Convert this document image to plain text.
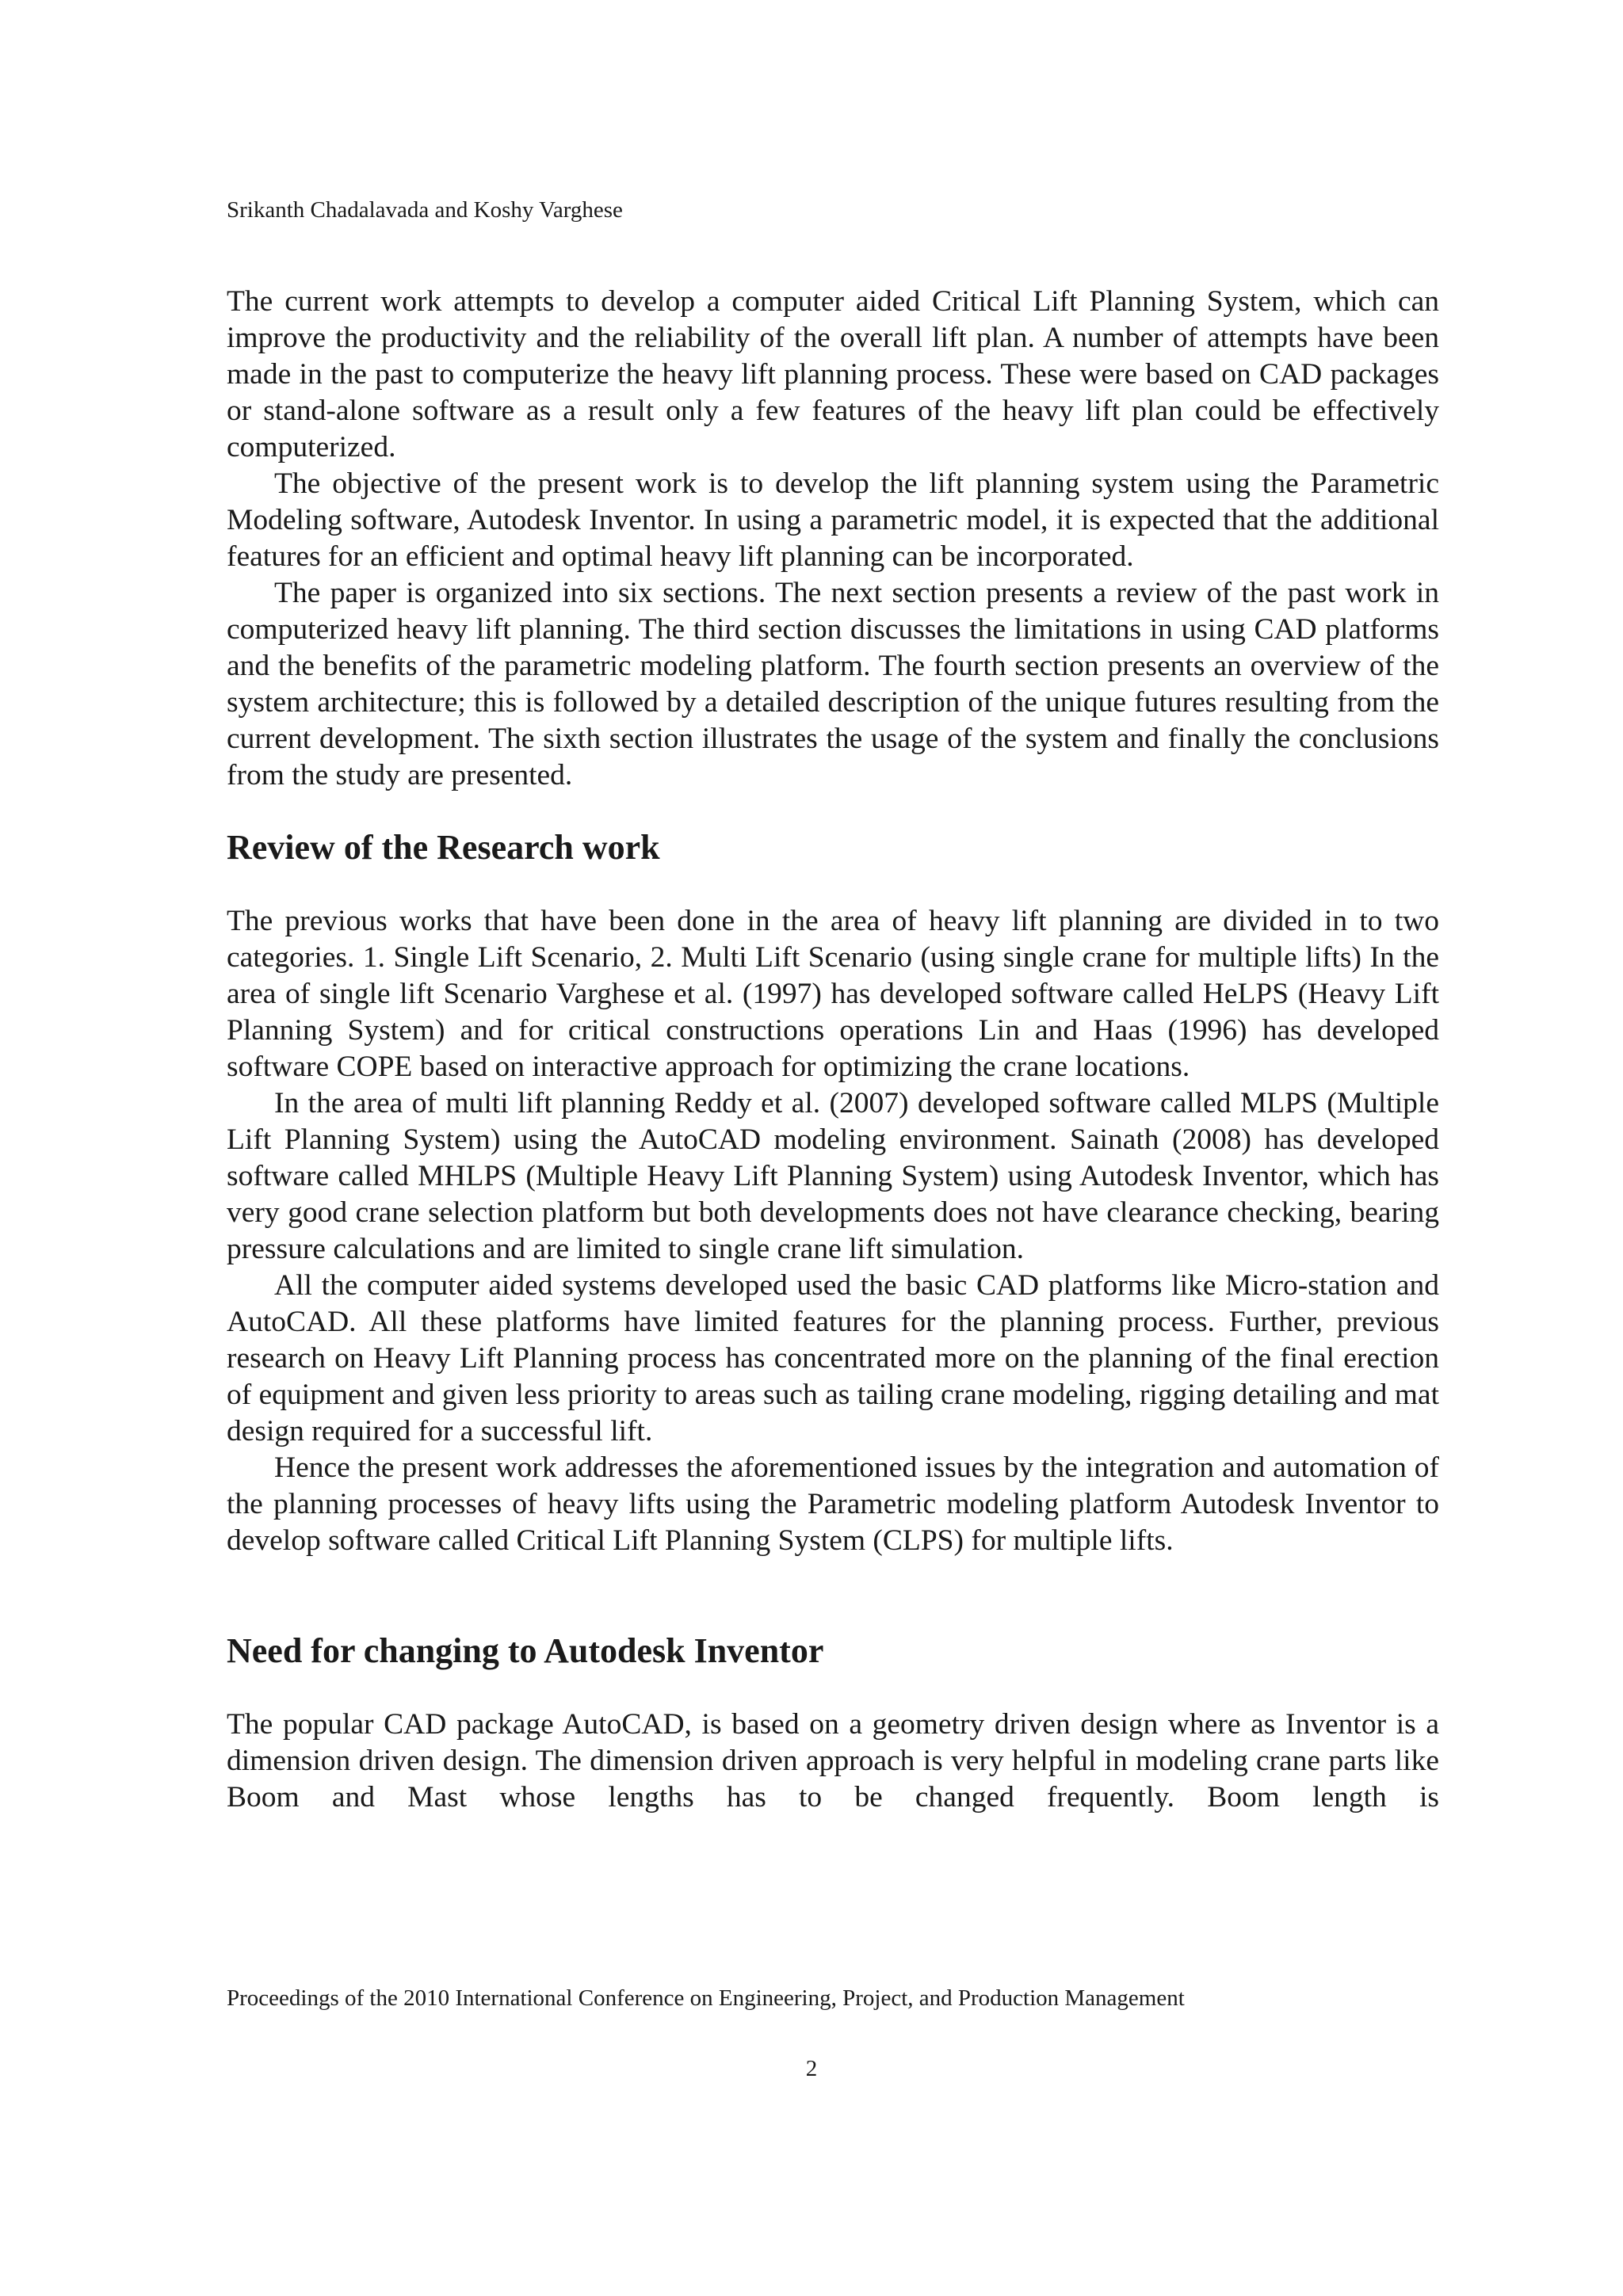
Srikanth Chadalavada and Koshy Varghese

The current work attempts to develop a computer aided Critical Lift Planning System, which can improve the productivity and the reliability of the overall lift plan. A number of attempts have been made in the past to computerize the heavy lift planning process. These were based on CAD packages or stand-alone software as a result only a few features of the heavy lift plan could be effectively computerized.

The objective of the present work is to develop the lift planning system using the Parametric Modeling software, Autodesk Inventor. In using a parametric model, it is expected that the additional features for an efficient and optimal heavy lift planning can be incorporated.

The paper is organized into six sections. The next section presents a review of the past work in computerized heavy lift planning. The third section discusses the limitations in using CAD platforms and the benefits of the parametric modeling platform. The fourth section presents an overview of the system architecture; this is followed by a detailed description of the unique futures resulting from the current development. The sixth section illustrates the usage of the system and finally the conclusions from the study are presented.

Review of the Research work

The previous works that have been done in the area of heavy lift planning are divided in to two categories. 1. Single Lift Scenario, 2. Multi Lift Scenario (using single crane for multiple lifts) In the area of single lift Scenario Varghese et al. (1997) has developed software called HeLPS (Heavy Lift Planning System) and for critical constructions operations Lin and Haas (1996) has developed software COPE based on interactive approach for optimizing the crane locations.

In the area of multi lift planning Reddy et al. (2007) developed software called MLPS (Multiple Lift Planning System) using the AutoCAD modeling environment. Sainath (2008) has developed software called MHLPS (Multiple Heavy Lift Planning System) using Autodesk Inventor, which has very good crane selection platform but both developments does not have clearance checking, bearing pressure calculations and are limited to single crane lift simulation.

All the computer aided systems developed used the basic CAD platforms like Micro-station and AutoCAD. All these platforms have limited features for the planning process. Further, previous research on Heavy Lift Planning process has concentrated more on the planning of the final erection of equipment and given less priority to areas such as tailing crane modeling, rigging detailing and mat design required for a successful lift.

Hence the present work addresses the aforementioned issues by the integration and automation of the planning processes of heavy lifts using the Parametric modeling platform Autodesk Inventor to develop software called Critical Lift Planning System (CLPS) for multiple lifts.

Need for changing to Autodesk Inventor

The popular CAD package AutoCAD, is based on a geometry driven design where as Inventor is a dimension driven design. The dimension driven approach is very helpful in modeling crane parts like Boom and Mast whose lengths has to be changed frequently. Boom length is

Proceedings of the 2010 International Conference on Engineering, Project, and Production Management
2
